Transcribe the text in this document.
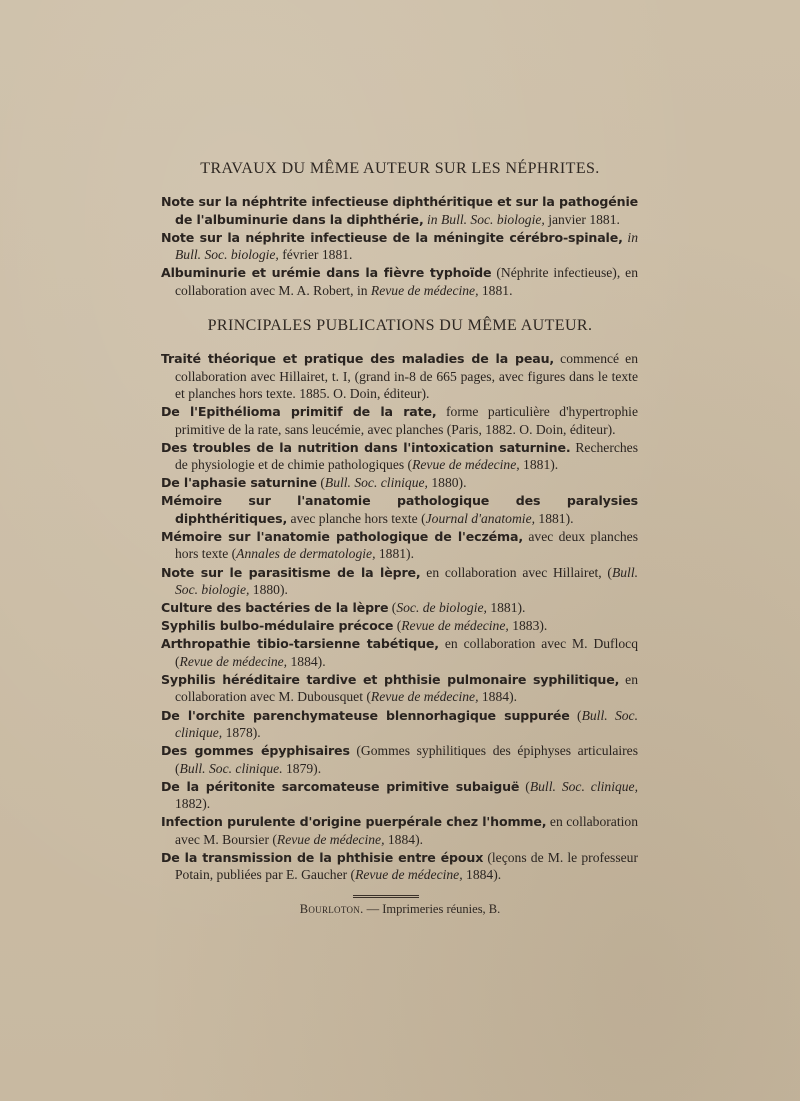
TRAVAUX DU MÊME AUTEUR SUR LES NÉPHRITES.
Note sur la néphtrite infectieuse diphthéritique et sur la pathogénie de l'albuminurie dans la diphthérie, in Bull. Soc. biologie, janvier 1881.
Note sur la néphrite infectieuse de la méningite cérébro-spinale, in Bull. Soc. biologie, février 1881.
Albuminurie et urémie dans la fièvre typhoïde (Néphrite infectieuse), en collaboration avec M. A. Robert, in Revue de médecine, 1881.
PRINCIPALES PUBLICATIONS DU MÊME AUTEUR.
Traité théorique et pratique des maladies de la peau, commencé en collaboration avec Hillairet, t. I, (grand in-8 de 665 pages, avec figures dans le texte et planches hors texte. 1885. O. Doin, éditeur).
De l'Epithélioma primitif de la rate, forme particulière d'hypertrophie primitive de la rate, sans leucémie, avec planches (Paris, 1882. O. Doin, éditeur).
Des troubles de la nutrition dans l'intoxication saturnine. Recherches de physiologie et de chimie pathologiques (Revue de médecine, 1881).
De l'aphasie saturnine (Bull. Soc. clinique, 1880).
Mémoire sur l'anatomie pathologique des paralysies diphthéritiques, avec planche hors texte (Journal d'anatomie, 1881).
Mémoire sur l'anatomie pathologique de l'eczéma, avec deux planches hors texte (Annales de dermatologie, 1881).
Note sur le parasitisme de la lèpre, en collaboration avec Hillairet, (Bull. Soc. biologie, 1880).
Culture des bactéries de la lèpre (Soc. de biologie, 1881).
Syphilis bulbo-médulaire précoce (Revue de médecine, 1883).
Arthropathie tibio-tarsienne tabétique, en collaboration avec M. Duflocq (Revue de médecine, 1884).
Syphilis héréditaire tardive et phthisie pulmonaire syphilitique, en collaboration avec M. Dubousquet (Revue de médecine, 1884).
De l'orchite parenchymateuse blennorhagique suppurée (Bull. Soc. clinique, 1878).
Des gommes épyphisaires (Gommes syphilitiques des épiphyses articulaires (Bull. Soc. clinique. 1879).
De la péritonite sarcomateuse primitive subaiguë (Bull. Soc. clinique, 1882).
Infection purulente d'origine puerpérale chez l'homme, en collaboration avec M. Boursier (Revue de médecine, 1884).
De la transmission de la phthisie entre époux (leçons de M. le professeur Potain, publiées par E. Gaucher (Revue de médecine, 1884).
Bourloton. — Imprimeries réunies, B.
